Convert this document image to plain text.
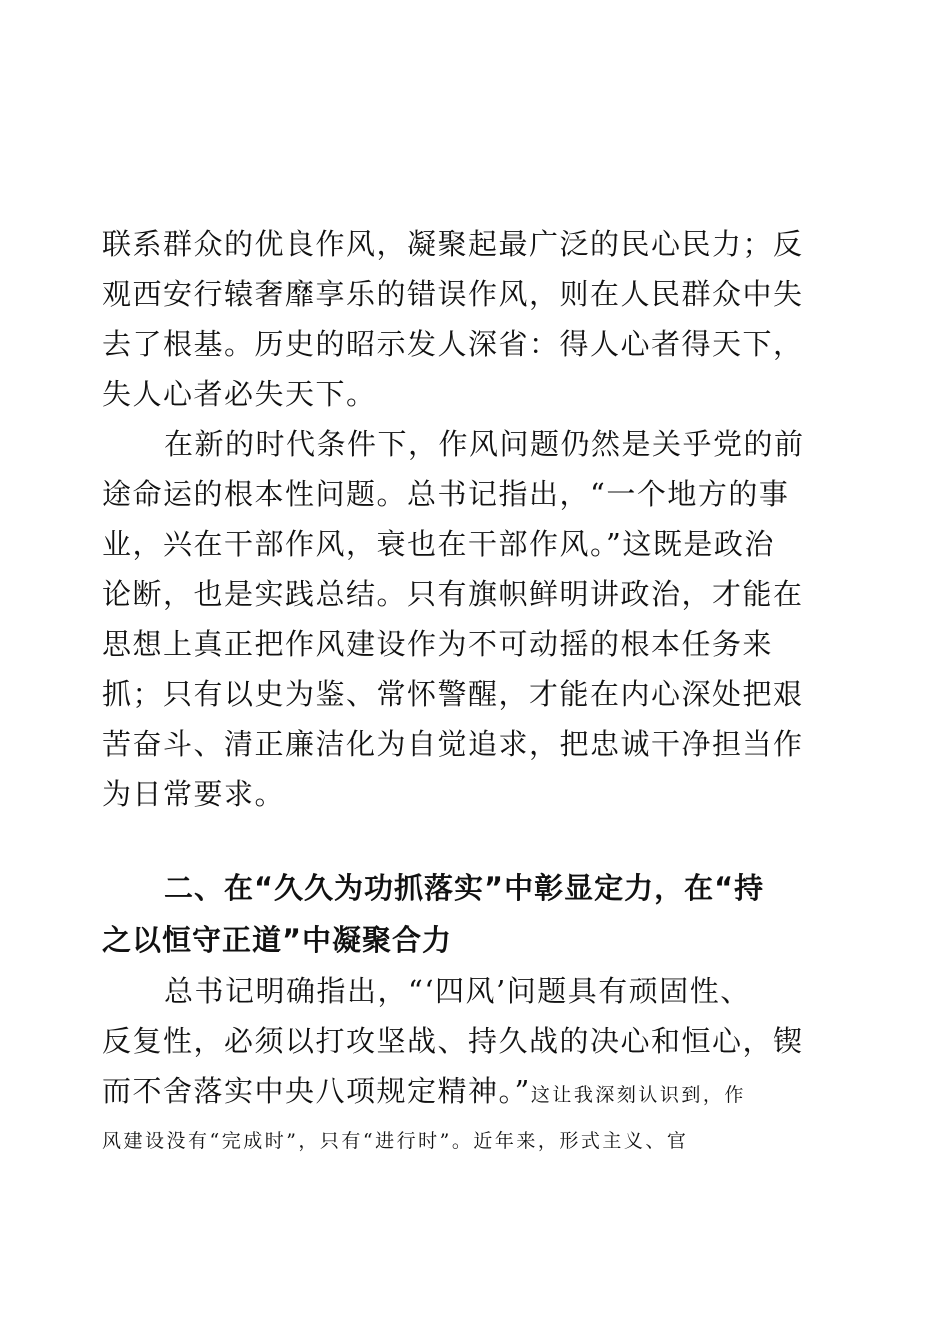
联系群众的优良作风，凝聚起最广泛的民心民力；反
观西安行辕奢靡享乐的错误作风，则在人民群众中失
去了根基。历史的昭示发人深省：得人心者得天下，
失人心者必失天下。
在新的时代条件下，作风问题仍然是关乎党的前
途命运的根本性问题。总书记指出，“一个地方的事
业，兴在干部作风，衰也在干部作风。”这既是政治
论断，也是实践总结。只有旗帜鲜明讲政治，才能在
思想上真正把作风建设作为不可动摇的根本任务来
抓；只有以史为鉴、常怀警醒，才能在内心深处把艰
苦奋斗、清正廉洁化为自觉追求，把忠诚干净担当作
为日常要求。
二、在“久久为功抓落实”中彰显定力，在“持
之以恒守正道”中凝聚合力
总书记明确指出，“‘四风’问题具有顽固性、
反复性，必须以打攻坚战、持久战的决心和恒心，锲
而不舍落实中央八项规定精神。”这让我深刻认识到，作
风建设没有“完成时”，只有“进行时”。近年来，形式主义、官
